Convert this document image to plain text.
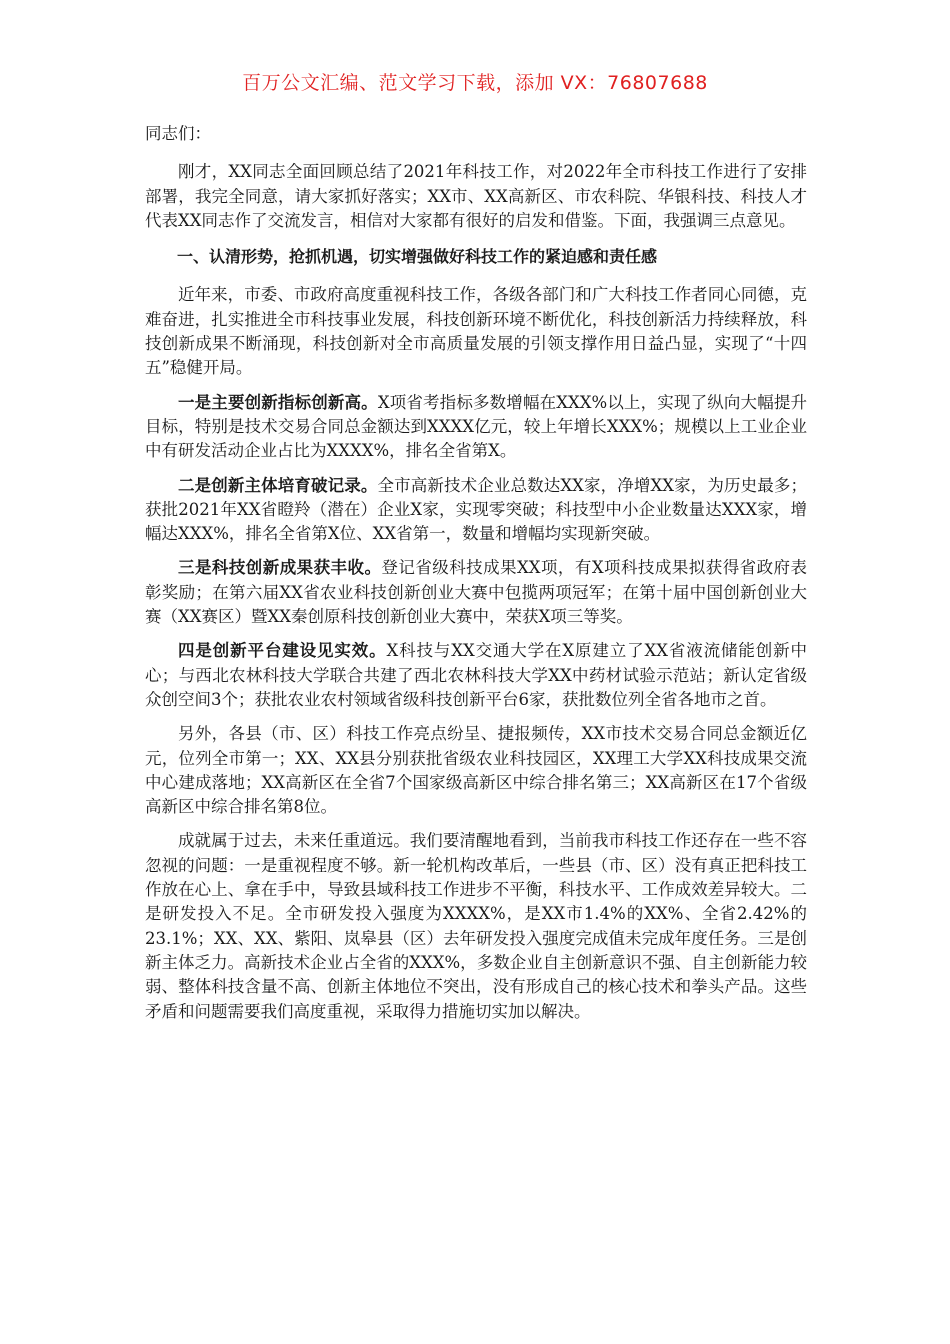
百万公文汇编、范文学习下载，添加 VX：76807688

同志们：

刚才，XX同志全面回顾总结了2021年科技工作，对2022年全市科技工作进行了安排部署，我完全同意，请大家抓好落实；XX市、XX高新区、市农科院、华银科技、科技人才代表XX同志作了交流发言，相信对大家都有很好的启发和借鉴。下面，我强调三点意见。

一、认清形势，抢抓机遇，切实增强做好科技工作的紧迫感和责任感

近年来，市委、市政府高度重视科技工作，各级各部门和广大科技工作者同心同德，克难奋进，扎实推进全市科技事业发展，科技创新环境不断优化，科技创新活力持续释放，科技创新成果不断涌现，科技创新对全市高质量发展的引领支撑作用日益凸显，实现了“十四五”稳健开局。

一是主要创新指标创新高。X项省考指标多数增幅在XXX%以上，实现了纵向大幅提升目标，特别是技术交易合同总金额达到XXXX亿元，较上年增长XXX%；规模以上工业企业中有研发活动企业占比为XXXX%，排名全省第X。

二是创新主体培育破记录。全市高新技术企业总数达XX家，净增XX家，为历史最多；获批2021年XX省瞪羚（潜在）企业X家，实现零突破；科技型中小企业数量达XXX家，增幅达XXX%，排名全省第X位、XX省第一，数量和增幅均实现新突破。

三是科技创新成果获丰收。登记省级科技成果XX项，有X项科技成果拟获得省政府表彰奖励；在第六届XX省农业科技创新创业大赛中包揽两项冠军；在第十届中国创新创业大赛（XX赛区）暨XX秦创原科技创新创业大赛中，荣获X项三等奖。

四是创新平台建设见实效。X科技与XX交通大学在X原建立了XX省液流储能创新中心；与西北农林科技大学联合共建了西北农林科技大学XX中药材试验示范站；新认定省级众创空间3个；获批农业农村领域省级科技创新平台6家，获批数位列全省各地市之首。

另外，各县（市、区）科技工作亮点纷呈、捷报频传，XX市技术交易合同总金额近亿元，位列全市第一；XX、XX县分别获批省级农业科技园区，XX理工大学XX科技成果交流中心建成落地；XX高新区在全省7个国家级高新区中综合排名第三；XX高新区在17个省级高新区中综合排名第8位。

成就属于过去，未来任重道远。我们要清醒地看到，当前我市科技工作还存在一些不容忽视的问题：一是重视程度不够。新一轮机构改革后，一些县（市、区）没有真正把科技工作放在心上、拿在手中，导致县域科技工作进步不平衡，科技水平、工作成效差异较大。二是研发投入不足。全市研发投入强度为XXXX%，是XX市1.4%的XX%、全省2.42%的23.1%；XX、XX、紫阳、岚皋县（区）去年研发投入强度完成值未完成年度任务。三是创新主体乏力。高新技术企业占全省的XXX%，多数企业自主创新意识不强、自主创新能力较弱、整体科技含量不高、创新主体地位不突出，没有形成自己的核心技术和拳头产品。这些矛盾和问题需要我们高度重视，采取得力措施切实加以解决。
